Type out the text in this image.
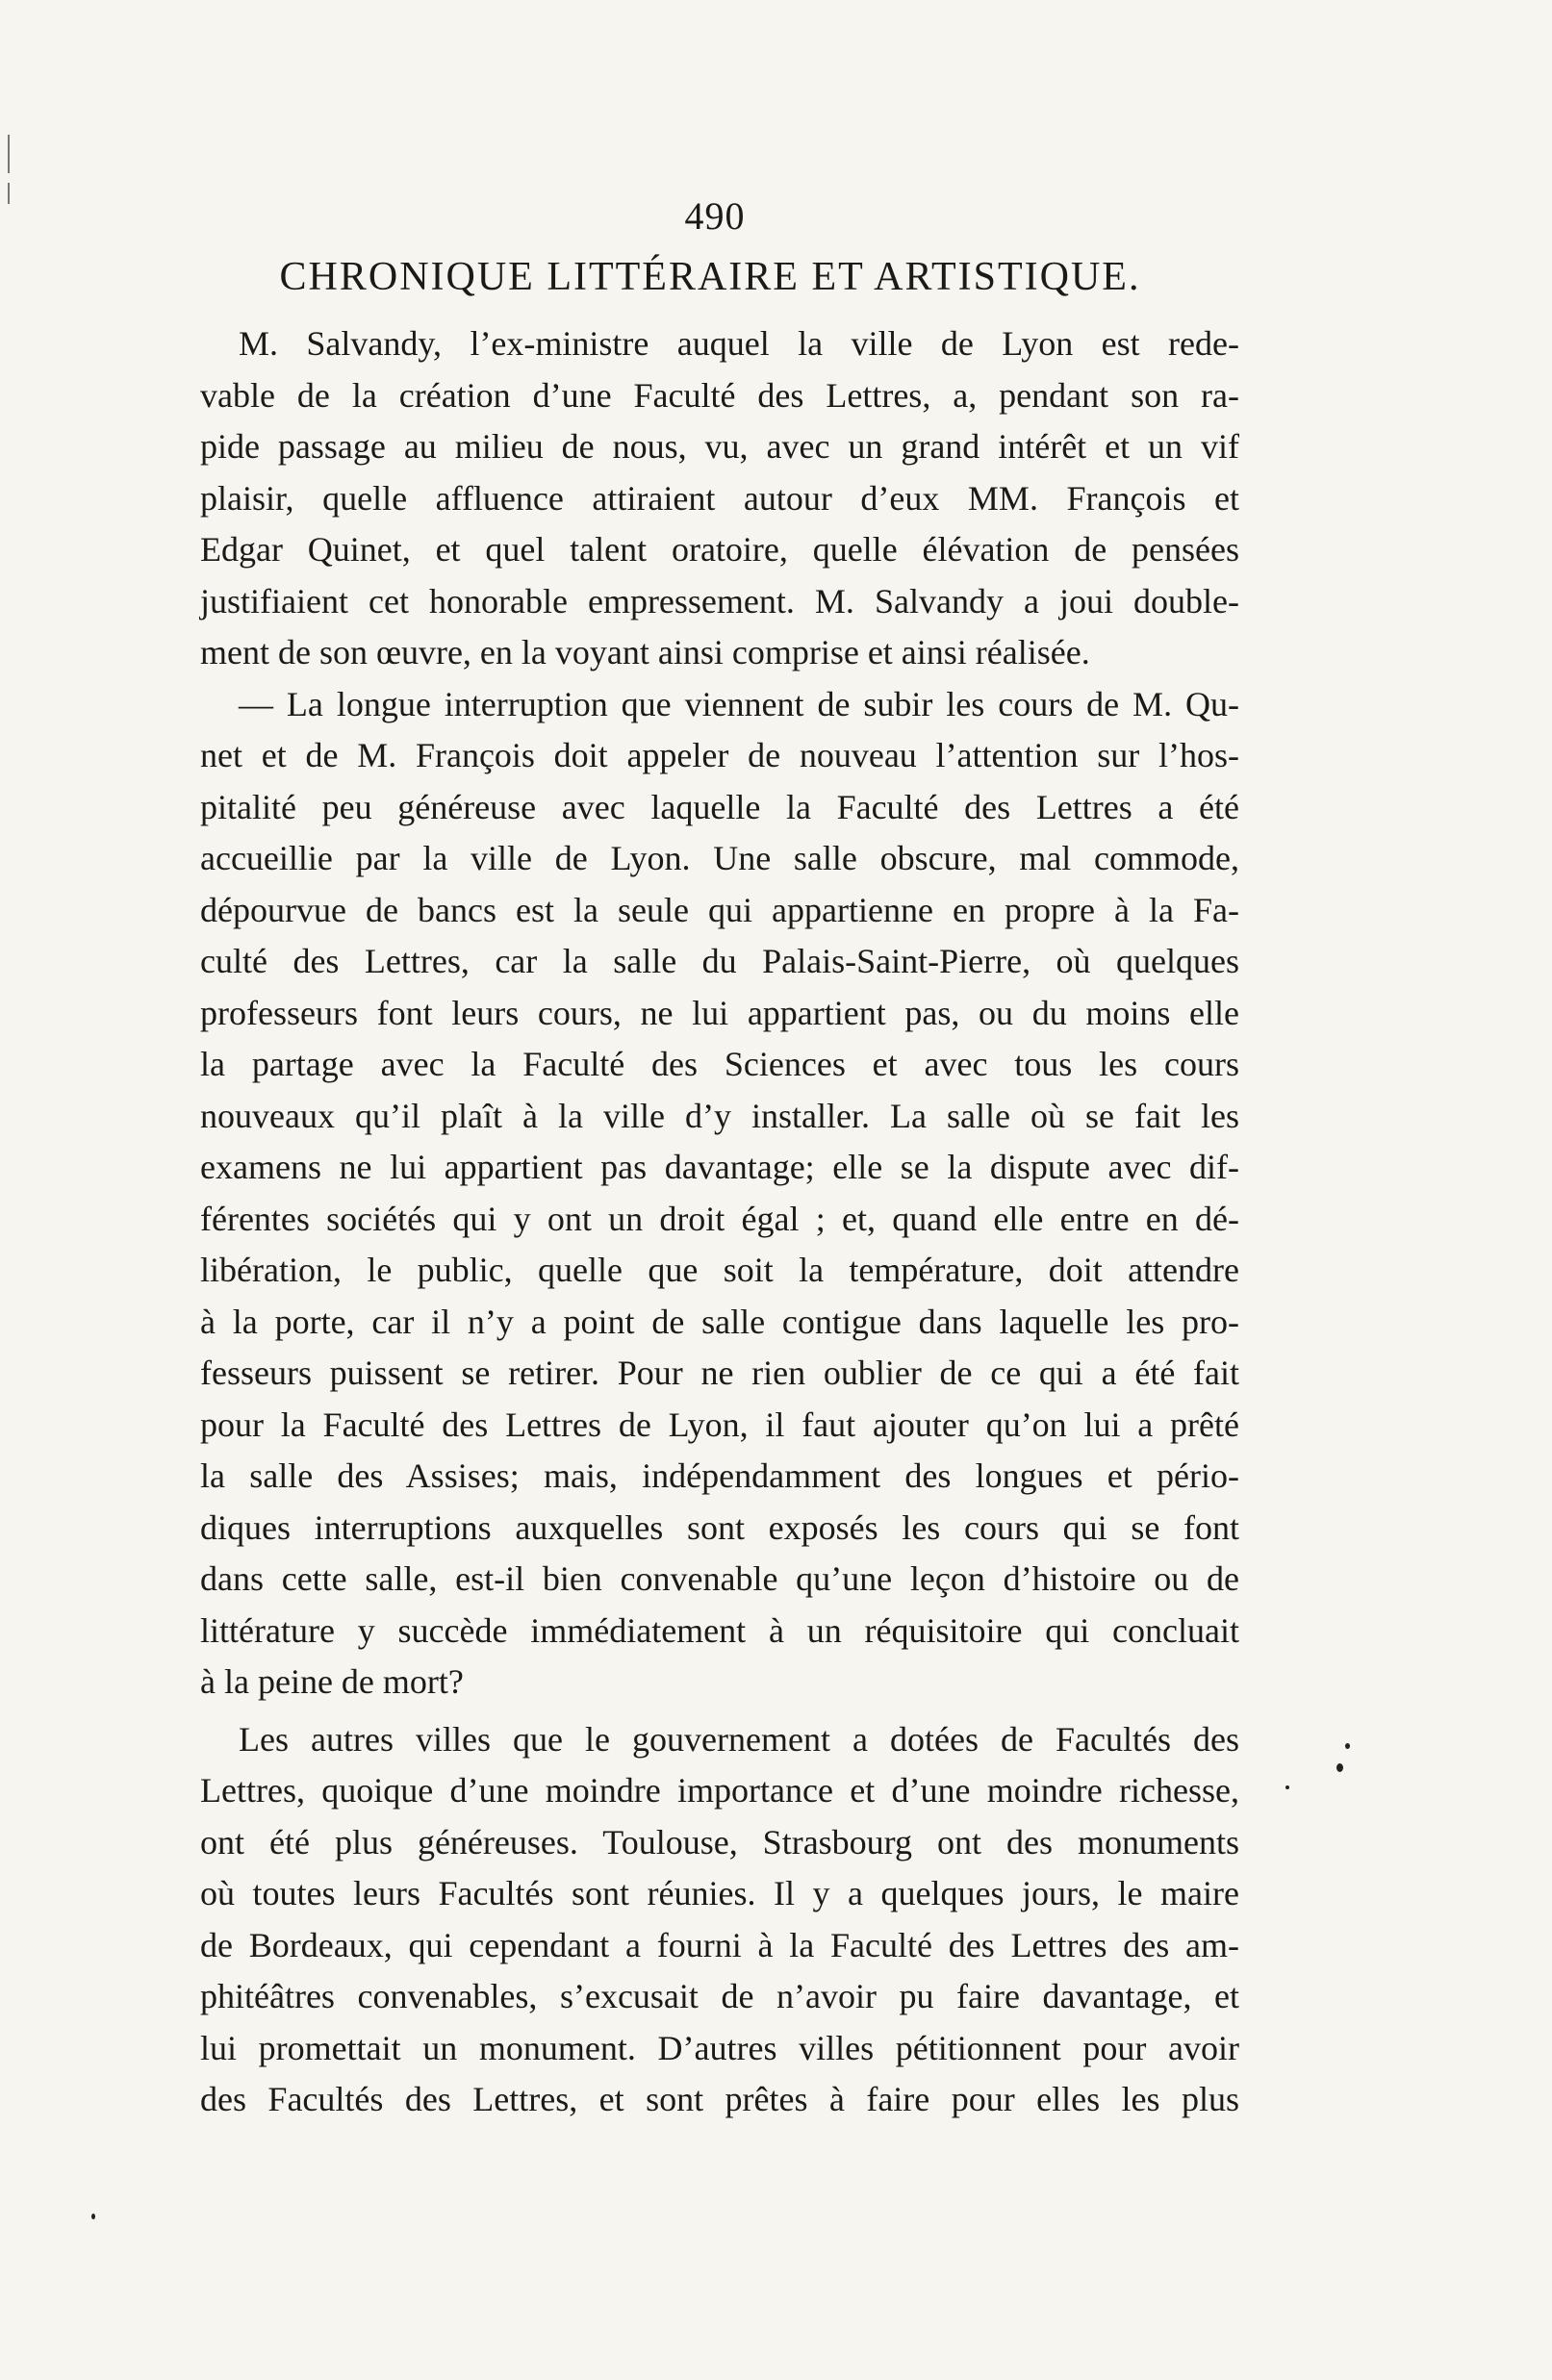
490
CHRONIQUE LITTÉRAIRE ET ARTISTIQUE.
M. Salvandy, l’ex-ministre auquel la ville de Lyon est rede-
vable de la création d’une Faculté des Lettres, a, pendant son ra-
pide passage au milieu de nous, vu, avec un grand intérêt et un vif
plaisir, quelle affluence attiraient autour d’eux MM. François et
Edgar Quinet, et quel talent oratoire, quelle élévation de pensées
justifiaient cet honorable empressement. M. Salvandy a joui double-
ment de son œuvre, en la voyant ainsi comprise et ainsi réalisée.
— La longue interruption que viennent de subir les cours de M. Qu-
net et de M. François doit appeler de nouveau l’attention sur l’hos-
pitalité peu généreuse avec laquelle la Faculté des Lettres a été
accueillie par la ville de Lyon. Une salle obscure, mal commode,
dépourvue de bancs est la seule qui appartienne en propre à la Fa-
culté des Lettres, car la salle du Palais-Saint-Pierre, où quelques
professeurs font leurs cours, ne lui appartient pas, ou du moins elle
la partage avec la Faculté des Sciences et avec tous les cours
nouveaux qu’il plaît à la ville d’y installer. La salle où se fait les
examens ne lui appartient pas davantage; elle se la dispute avec dif-
férentes sociétés qui y ont un droit égal ; et, quand elle entre en dé-
libération, le public, quelle que soit la température, doit attendre
à la porte, car il n’y a point de salle contigue dans laquelle les pro-
fesseurs puissent se retirer. Pour ne rien oublier de ce qui a été fait
pour la Faculté des Lettres de Lyon, il faut ajouter qu’on lui a prêté
la salle des Assises; mais, indépendamment des longues et pério-
diques interruptions auxquelles sont exposés les cours qui se font
dans cette salle, est-il bien convenable qu’une leçon d’histoire ou de
littérature y succède immédiatement à un réquisitoire qui concluait
à la peine de mort?
Les autres villes que le gouvernement a dotées de Facultés des
Lettres, quoique d’une moindre importance et d’une moindre richesse,
ont été plus généreuses. Toulouse, Strasbourg ont des monuments
où toutes leurs Facultés sont réunies. Il y a quelques jours, le maire
de Bordeaux, qui cependant a fourni à la Faculté des Lettres des am-
phitéâtres convenables, s’excusait de n’avoir pu faire davantage, et
lui promettait un monument. D’autres villes pétitionnent pour avoir
des Facultés des Lettres, et sont prêtes à faire pour elles les plus
